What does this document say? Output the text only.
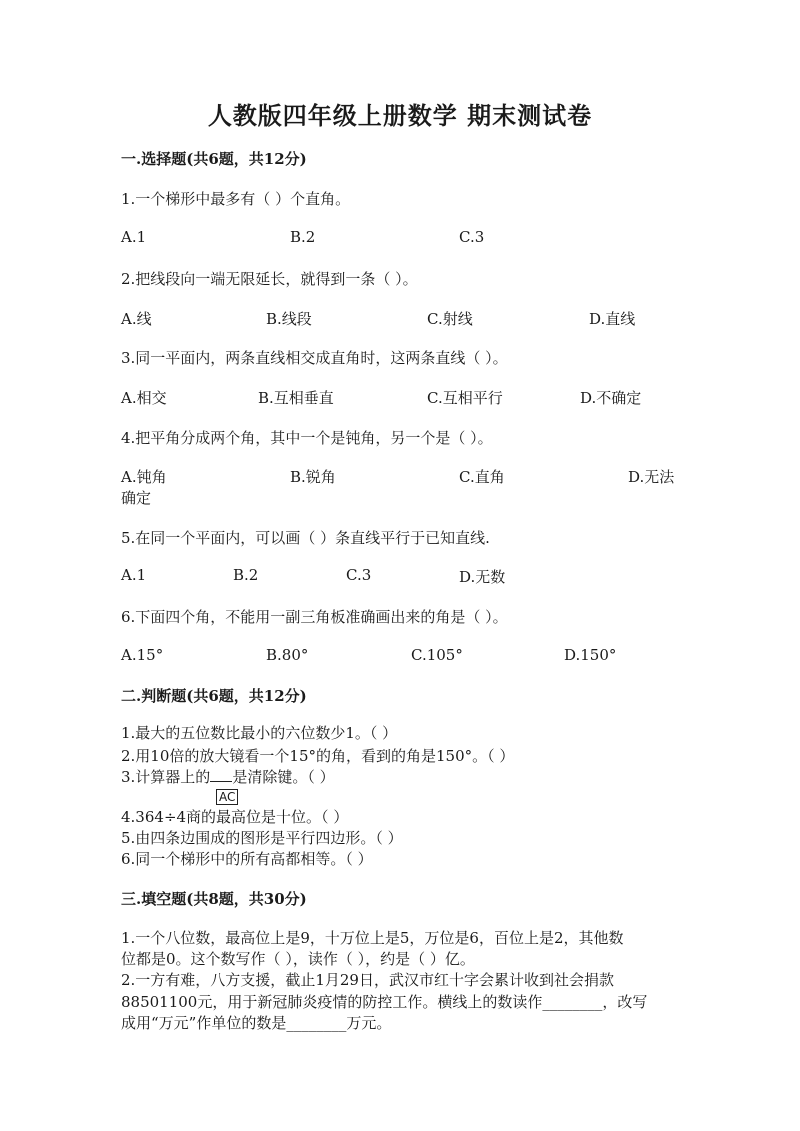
人教版四年级上册数学 期末测试卷
一.选择题(共6题，共12分)
1.一个梯形中最多有（ ）个直角。
A.1	B.2	C.3
2.把线段向一端无限延长，就得到一条（ ）。
A.线	B.线段	C.射线	D.直线
3.同一平面内，两条直线相交成直角时，这两条直线（ ）。
A.相交	B.互相垂直	C.互相平行	D.不确定
4.把平角分成两个角，其中一个是钝角，另一个是（ ）。
A.钝角	B.锐角	C.直角	D.无法
确定
5.在同一个平面内，可以画（ ）条直线平行于已知直线.
A.1	B.2	C.3	D.无数
6.下面四个角，不能用一副三角板准确画出来的角是（ ）。
A.15°	B.80°	C.105°	D.150°
二.判断题(共6题，共12分)
1.最大的五位数比最小的六位数少1。（ ）
2.用10倍的放大镜看一个15°的角，看到的角是150°。（ ）
3.计算器上的 是清除键。（ ）
AC
4.364÷4商的最高位是十位。（ ）
5.由四条边围成的图形是平行四边形。（ ）
6.同一个梯形中的所有高都相等。（ ）
三.填空题(共8题，共30分)
1.一个八位数，最高位上是9，十万位上是5，万位是6，百位上是2，其他数
位都是0。这个数写作（ ），读作（ ），约是（ ）亿。
2.一方有难，八方支援，截止1月29日，武汉市红十字会累计收到社会捐款
88501100元，用于新冠肺炎疫情的防控工作。横线上的数读作________，改写
成用“万元”作单位的数是________万元。
